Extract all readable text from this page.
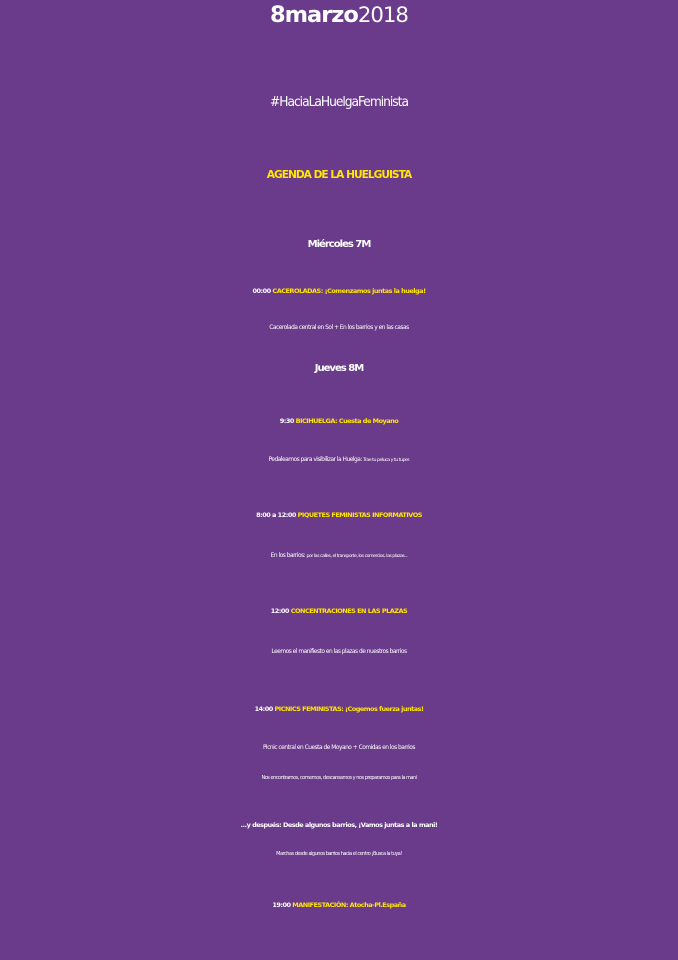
8marzo2018
#HaciaLaHuelgaFeminista
AGENDA DE LA HUELGUISTA
Miércoles 7M
00:00 CACEROLADAS: ¡Comenzamos juntas la huelga!
Cacerolada central en Sol + En los barrios y en las casas
Jueves 8M
9:30 BICIHUELGA: Cuesta de Moyano
Pedaleamos para visibilizar la Huelga: Trae tu peluca y tu tuper.
8:00 a 12:00 PIQUETES FEMINISTAS INFORMATIVOS
En los barrios: por las calles, el transporte, los comercios, las plazas...
12:00 CONCENTRACIONES EN LAS PLAZAS
Leemos el manifiesto en las plazas de nuestros barrios
14:00 PICNICS FEMINISTAS: ¡Cogemos fuerza juntas!
Picnic central en Cuesta de Moyano + Comidas en los barrios
Nos encontrarnos, comemos, descansamos y nos preparamos para la mani
...y después: Desde algunos barrios, ¡Vamos juntas a la mani!
Marchas desde algunos barrios hacia el centro ¡Busca la tuya!
19:00 MANIFESTACIÓN: Atocha-Pl.España
